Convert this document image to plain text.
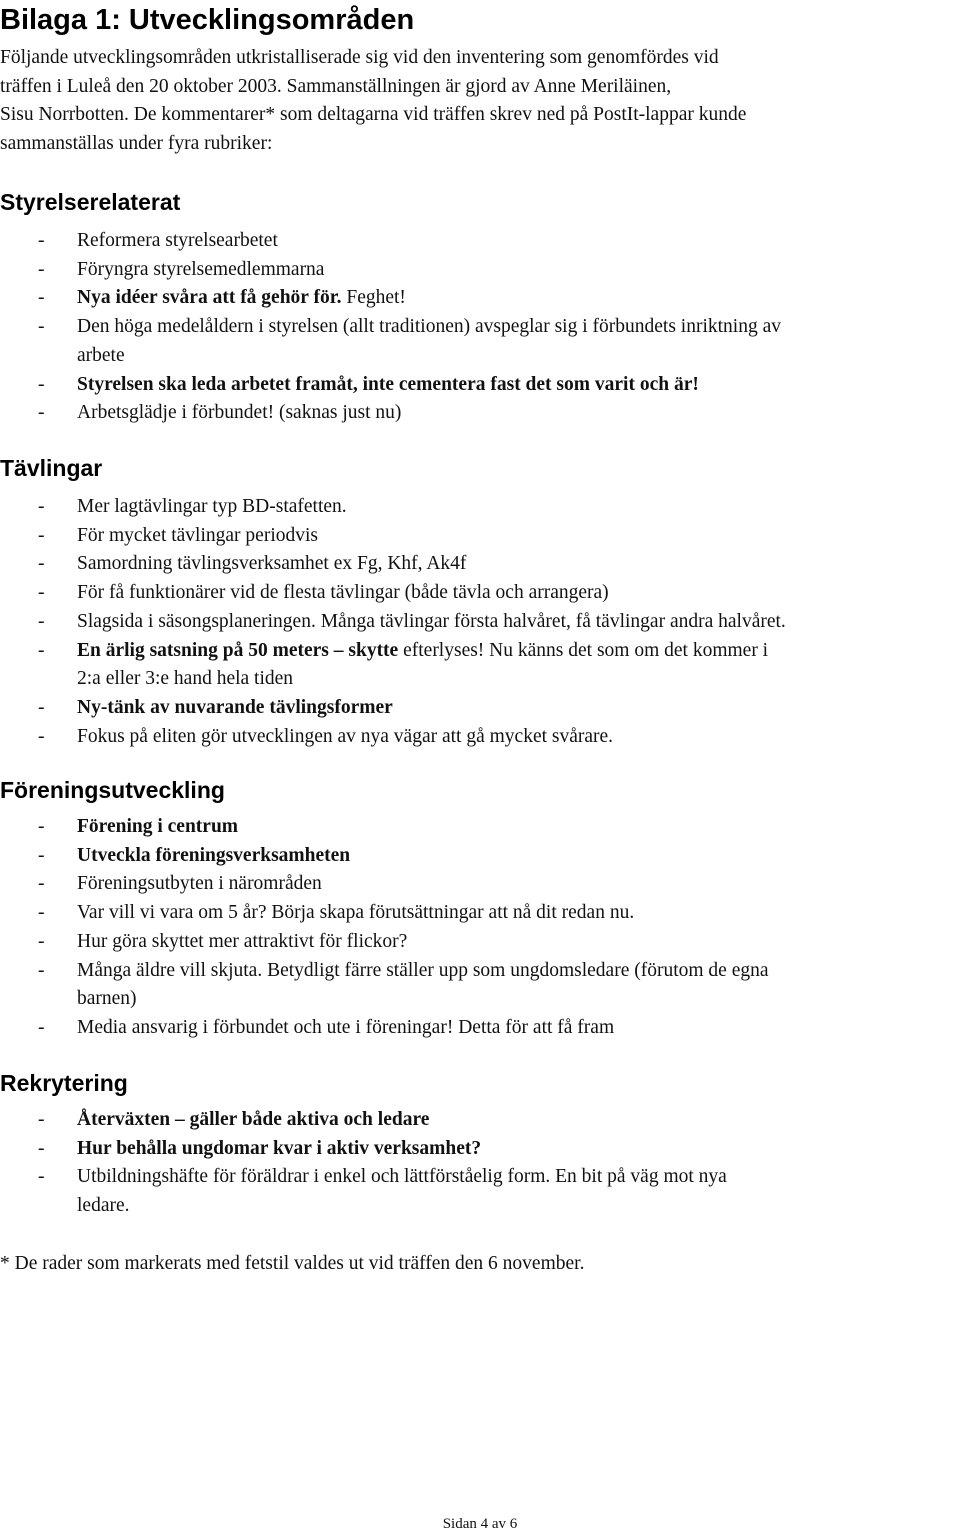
Bilaga 1: Utvecklingsområden

Följande utvecklingsområden utkristalliserade sig vid den inventering som genomfördes vid
träffen i Luleå den 20 oktober 2003. Sammanställningen är gjord av Anne Meriläinen,
Sisu Norrbotten. De kommentarer* som deltagarna vid träffen skrev ned på PostIt-lappar kunde
sammanställas under fyra rubriker:

Styrelserelaterat
- Reformera styrelsearbetet
- Föryngra styrelsemedlemmarna
- Nya idéer svåra att få gehör för. Feghet!
- Den höga medelåldern i styrelsen (allt traditionen) avspeglar sig i förbundets inriktning av
arbete
- Styrelsen ska leda arbetet framåt, inte cementera fast det som varit och är!
- Arbetsglädje i förbundet! (saknas just nu)
Tävlingar
- Mer lagtävlingar typ BD-stafetten.
- För mycket tävlingar periodvis
- Samordning tävlingsverksamhet ex Fg, Khf, Ak4f
- För få funktionärer vid de flesta tävlingar (både tävla och arrangera)
- Slagsida i säsongsplaneringen. Många tävlingar första halvåret, få tävlingar andra halvåret.
- En ärlig satsning på 50 meters – skytte efterlyses! Nu känns det som om det kommer i
2:a eller 3:e hand hela tiden
- Ny-tänk av nuvarande tävlingsformer
- Fokus på eliten gör utvecklingen av nya vägar att gå mycket svårare.
Föreningsutveckling
- Förening i centrum
- Utveckla föreningsverksamheten
- Föreningsutbyten i närområden
- Var vill vi vara om 5 år? Börja skapa förutsättningar att nå dit redan nu.
- Hur göra skyttet mer attraktivt för flickor?
- Många äldre vill skjuta. Betydligt färre ställer upp som ungdomsledare (förutom de egna
barnen)
- Media ansvarig i förbundet och ute i föreningar! Detta för att få fram
Rekrytering
- Återväxten – gäller både aktiva och ledare
- Hur behålla ungdomar kvar i aktiv verksamhet?
- Utbildningshäfte för föräldrar i enkel och lättförståelig form. En bit på väg mot nya
ledare.

* De rader som markerats med fetstil valdes ut vid träffen den 6 november.

Sidan 4 av 6
